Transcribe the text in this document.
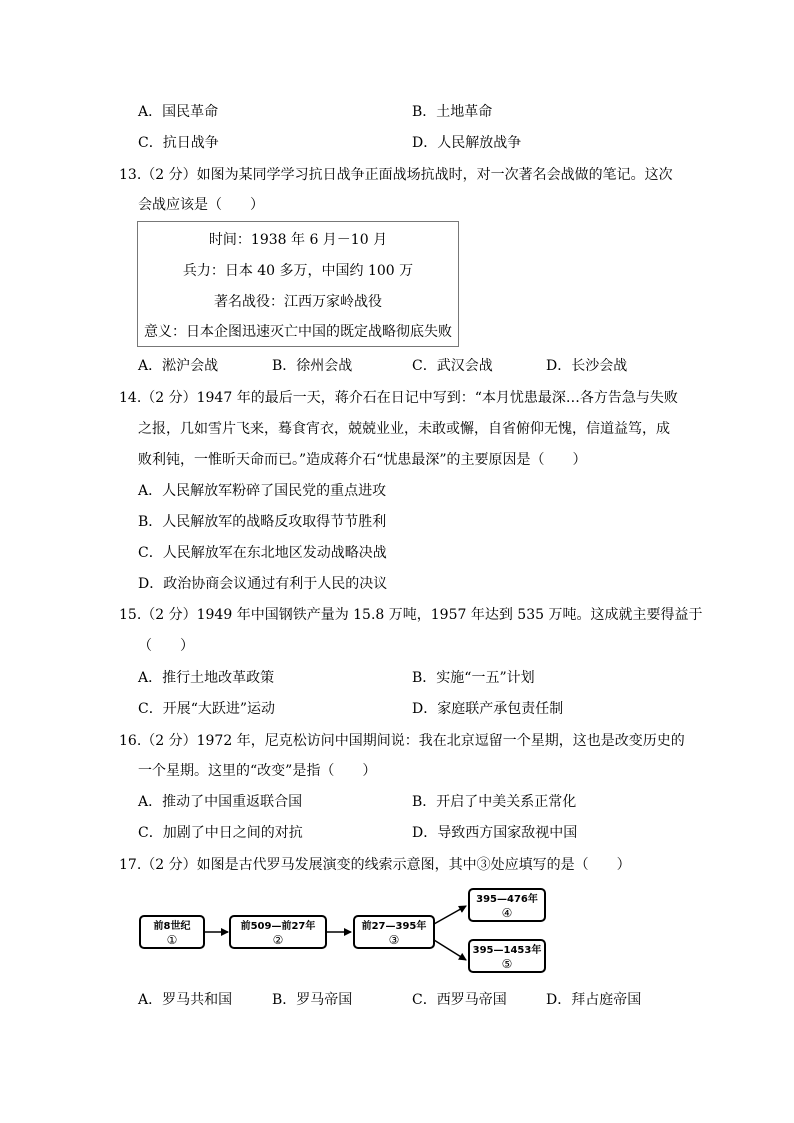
A．国民革命	B．土地革命
C．抗日战争	D．人民解放战争
13.（2 分）如图为某同学学习抗日战争正面战场抗战时，对一次著名会战做的笔记。这次
会战应该是（　　）
时间：1938 年 6 月－10 月
兵力：日本 40 多万，中国约 100 万
著名战役：江西万家岭战役
意义：日本企图迅速灭亡中国的既定战略彻底失败
A．淞沪会战	B．徐州会战	C．武汉会战	D．长沙会战
14.（2 分）1947 年的最后一天，蒋介石在日记中写到：“本月忧患最深…各方告急与失败
之报，几如雪片飞来，蓦食宵衣，兢兢业业，未敢或懈，自省俯仰无愧，信道益笃，成
败利钝，一惟昕天命而已。”造成蒋介石“忧患最深”的主要原因是（　　）
A．人民解放军粉碎了国民党的重点进攻
B．人民解放军的战略反攻取得节节胜利
C．人民解放军在东北地区发动战略决战
D．政治协商会议通过有利于人民的决议
15.（2 分）1949 年中国钢铁产量为 15.8 万吨，1957 年达到 535 万吨。这成就主要得益于
（　　）
A．推行土地改革政策	B．实施“一五”计划
C．开展“大跃进”运动	D．家庭联产承包责任制
16.（2 分）1972 年，尼克松访问中国期间说：我在北京逗留一个星期，这也是改变历史的
一个星期。这里的“改变”是指（　　）
A．推动了中国重返联合国	B．开启了中美关系正常化
C．加剧了中日之间的对抗	D．导致西方国家敌视中国
17.（2 分）如图是古代罗马发展演变的线索示意图，其中③处应填写的是（　　）
前8世纪
①
前509—前27年
②
前27—395年
③
395—476年
④
395—1453年
⑤
A．罗马共和国	B．罗马帝国	C．西罗马帝国	D．拜占庭帝国
